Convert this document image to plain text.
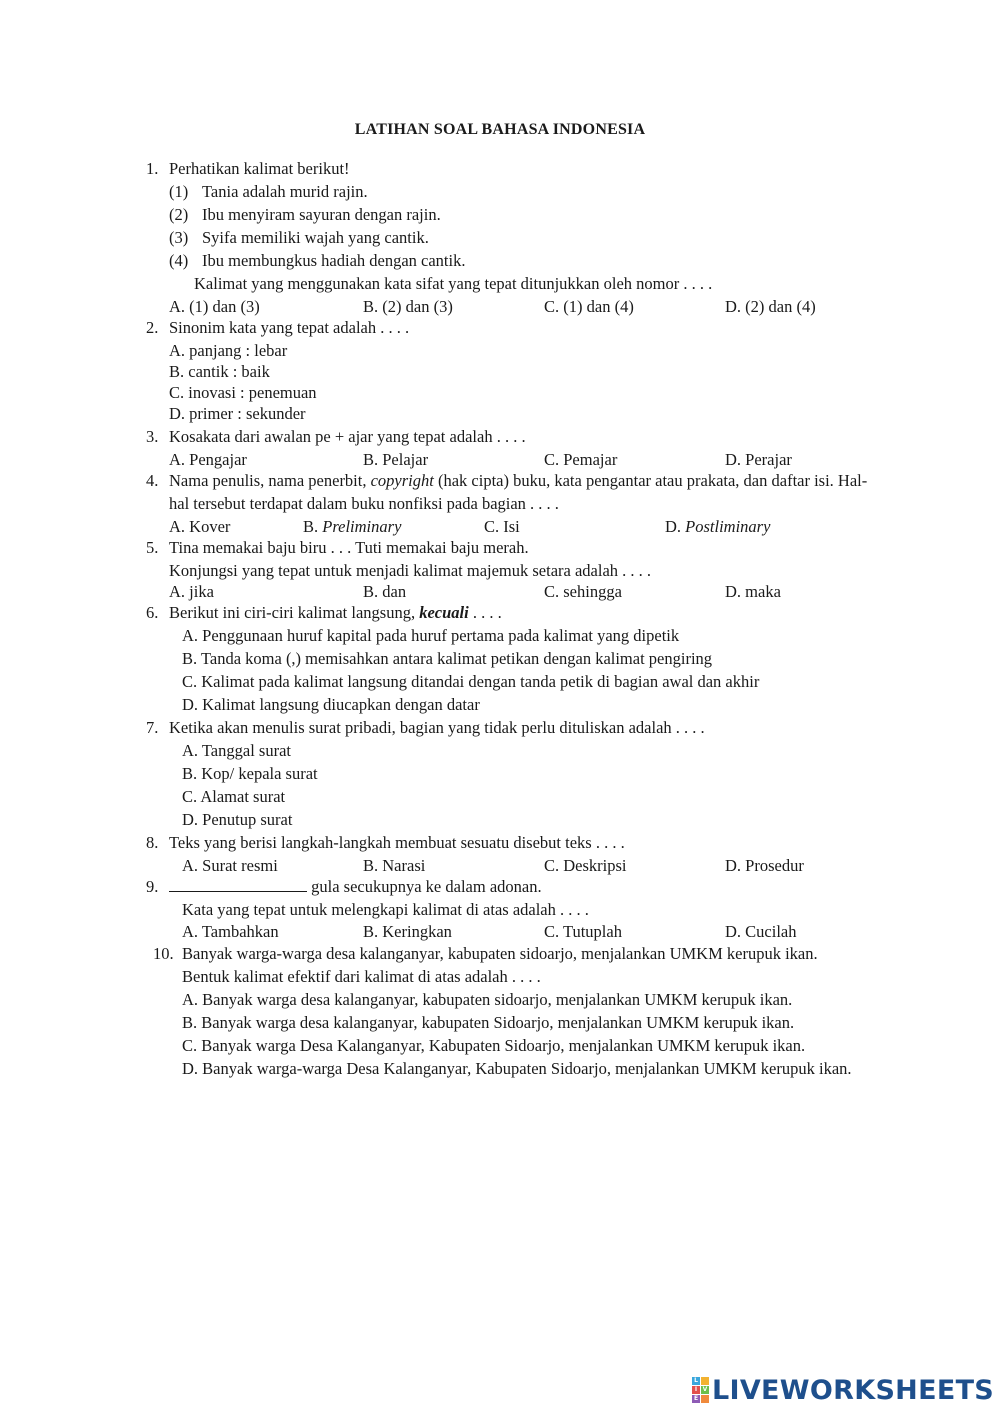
LATIHAN SOAL BAHASA INDONESIA
1. Perhatikan kalimat berikut!
(1) Tania adalah murid rajin.
(2) Ibu menyiram sayuran dengan rajin.
(3) Syifa memiliki wajah yang cantik.
(4) Ibu membungkus hadiah dengan cantik.
Kalimat yang menggunakan kata sifat yang tepat ditunjukkan oleh nomor . . . .
A. (1) dan (3)	B. (2) dan (3)	C. (1) dan (4)	D. (2) dan (4)
2. Sinonim kata yang tepat adalah . . . .
A. panjang : lebar
B. cantik : baik
C. inovasi : penemuan
D. primer : sekunder
3. Kosakata dari awalan pe + ajar yang tepat adalah . . . .
A. Pengajar	B. Pelajar	C. Pemajar	D. Perajar
4. Nama penulis, nama penerbit, copyright (hak cipta) buku, kata pengantar atau prakata, dan daftar isi. Hal-
hal tersebut terdapat dalam buku nonfiksi pada bagian . . . .
A. Kover	B. Preliminary	C. Isi	D. Postliminary
5. Tina memakai baju biru . . . Tuti memakai baju merah.
Konjungsi yang tepat untuk menjadi kalimat majemuk setara adalah . . . .
A. jika	B. dan	C. sehingga	D. maka
6. Berikut ini ciri-ciri kalimat langsung, kecuali . . . .
A. Penggunaan huruf kapital pada huruf pertama pada kalimat yang dipetik
B. Tanda koma (,) memisahkan antara kalimat petikan dengan kalimat pengiring
C. Kalimat pada kalimat langsung ditandai dengan tanda petik di bagian awal dan akhir
D. Kalimat langsung diucapkan dengan datar
7. Ketika akan menulis surat pribadi, bagian yang tidak perlu dituliskan adalah . . . .
A. Tanggal surat
B. Kop/ kepala surat
C. Alamat surat
D. Penutup surat
8. Teks yang berisi langkah-langkah membuat sesuatu disebut teks . . . .
A. Surat resmi	B. Narasi	C. Deskripsi	D. Prosedur
9.	gula secukupnya ke dalam adonan.
Kata yang tepat untuk melengkapi kalimat di atas adalah . . . .
A. Tambahkan	B. Keringkan	C. Tutuplah	D. Cucilah
10. Banyak warga-warga desa kalanganyar, kabupaten sidoarjo, menjalankan UMKM kerupuk ikan.
Bentuk kalimat efektif dari kalimat di atas adalah . . . .
A. Banyak warga desa kalanganyar, kabupaten sidoarjo, menjalankan UMKM kerupuk ikan.
B. Banyak warga desa kalanganyar, kabupaten Sidoarjo, menjalankan UMKM kerupuk ikan.
C. Banyak warga Desa Kalanganyar, Kabupaten Sidoarjo, menjalankan UMKM kerupuk ikan.
D. Banyak warga-warga Desa Kalanganyar, Kabupaten Sidoarjo, menjalankan UMKM kerupuk ikan.
L
I V
E LIVEWORKSHEETS
